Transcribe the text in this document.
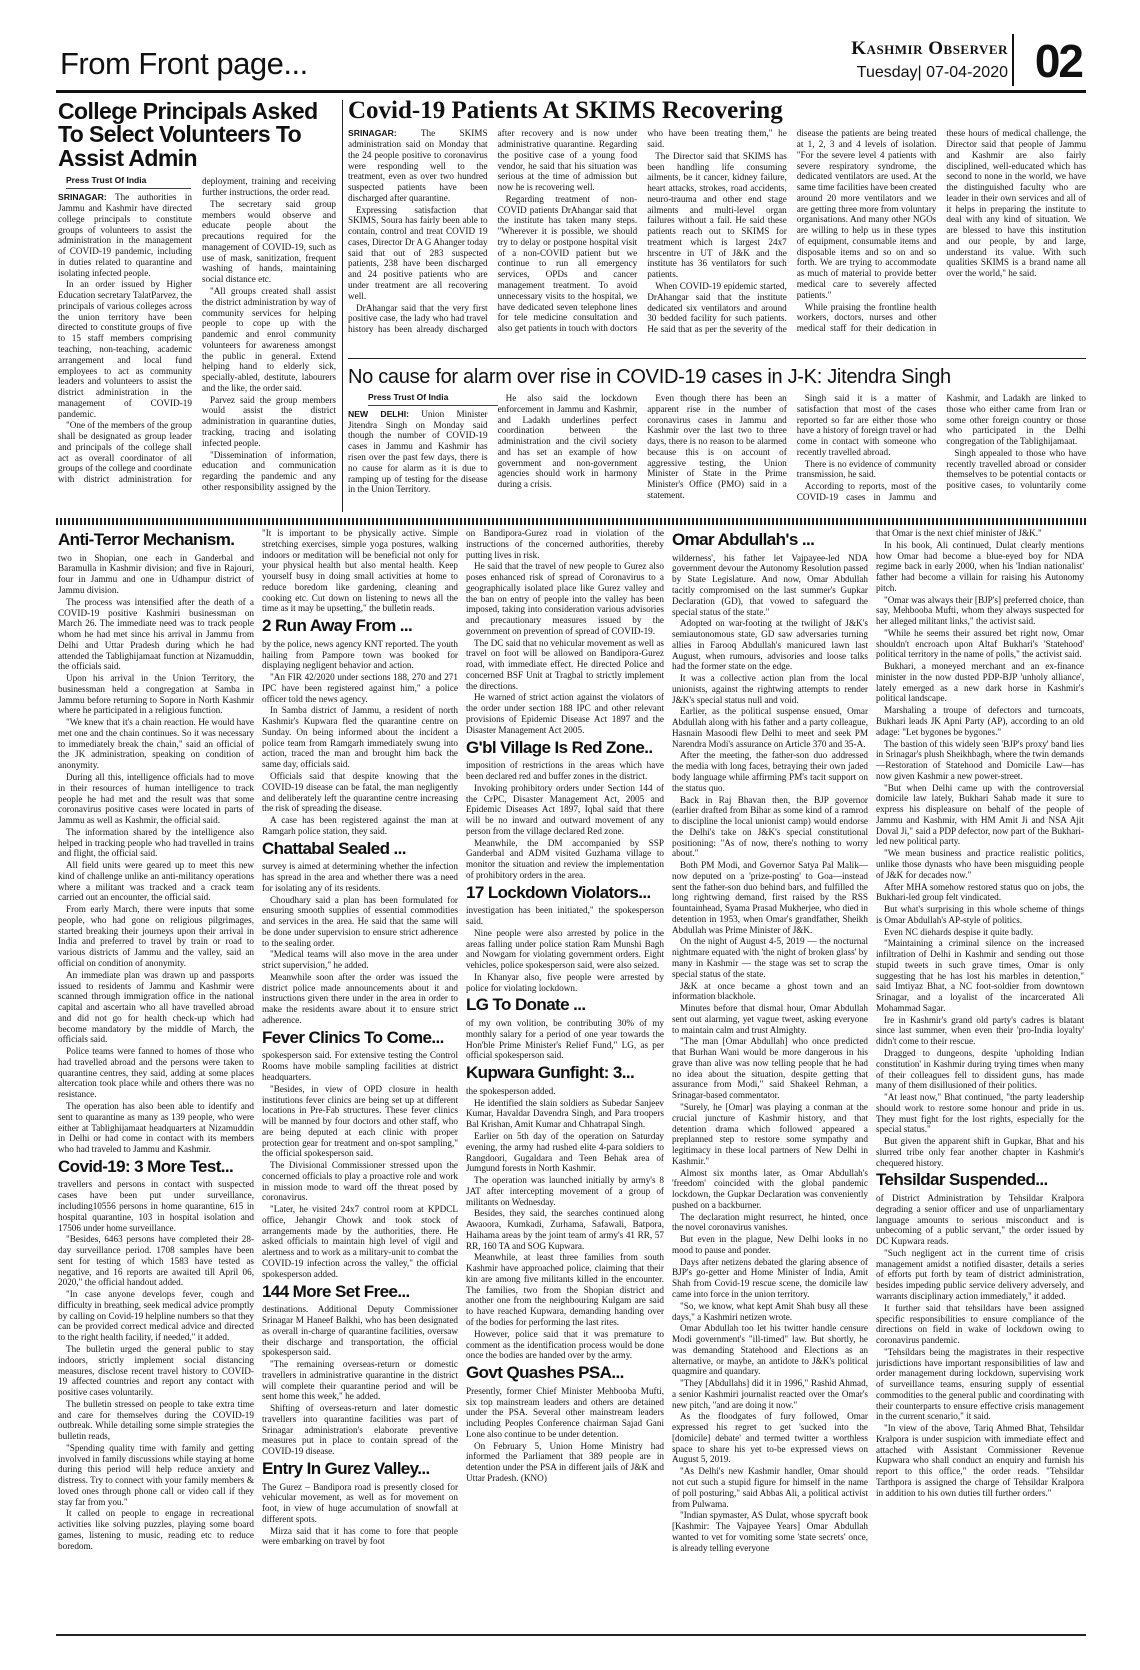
From Front page...	Kashmir Observer
Tuesday| 07-04-2020 02
College Principals Asked To Select Volunteers To Assist Admin
Press Trust Of India

SRINAGAR: The authorities in Jammu and Kashmir have directed college principals to constitute groups of volunteers to assist the administration in the management of COVID-19 pandemic, including in duties related to quarantine and isolating infected people.

In an order issued by Higher Education secretary TalatParvez, the principals of various colleges across the union territory have been directed to constitute groups of five to 15 staff members comprising teaching, non-teaching, academic arrangement and local fund employees to act as community leaders and volunteers to assist the district administration in the management of COVID-19 pandemic.

"One of the members of the group shall be designated as group leader and principals of the college shall act as overall coordinator of all groups of the college and coordinate with district administration for deployment, training and receiving further instructions, the order read.

The secretary said group members would observe and educate people about the precautions required for the management of COVID-19, such as use of mask, sanitization, frequent washing of hands, maintaining social distance etc.

"All groups created shall assist the district administration by way of community services for helping people to cope up with the pandemic and enrol community volunteers for awareness amongst the public in general. Extend helping hand to elderly sick, specially-abled, destitute, labourers and the like, the order said.

Parvez said the group members would assist the district administration in quarantine duties, tracking, tracing and isolating infected people.

"Dissemination of information, education and communication regarding the pandemic and any other responsibility assigned by the

Covid-19 Patients At SKIMS Recovering

SRINAGAR:	The SKIMS administration said on Monday that the 24 people positive to coronavirus were responding well to the treatment, even as over two hundred suspected patients have been discharged after quarantine.

Expressing satisfaction that SKIMS, Soura has fairly been able to contain, control and treat COVID 19 cases, Director Dr A G Ahanger today said that out of 283 suspected patients, 238 have been discharged and 24 positive patients who are under treatment are all recovering well.

DrAhangar said that the very first positive case, the lady who had travel history has been already discharged after recovery and is now under administrative quarantine. Regarding the positive case of a young food vendor, he said that his situation was serious at the time of admission but now he is recovering well.

Regarding treatment of non-COVID patients DrAhangar said that the institute has taken many steps. "Wherever it is possible, we should try to delay or postpone hospital visit of a non-COVID patient but we continue to run all emergency services, OPDs and cancer management treatment. To avoid unnecessary visits to the hospital, we have dedicated seven telephone lines for tele medicine consultation and also get patients in touch with doctors who have been treating them," he said.

The Director said that SKIMS has been handling life consuming ailments, be it cancer, kidney failure, heart attacks, strokes, road accidents, neuro-trauma and other end stage ailments and multi-level organ failures without a fail. He said these patients reach out to SKIMS for treatment which is largest 24x7 hrscentre in UT of J&K and the institute has 36 ventilators for such patients.

When COVID-19 epidemic started, DrAhangar said that the institute dedicated six ventilators and around 30 bedded facility for such patients. He said that as per the severity of the disease the patients are being treated at 1, 2, 3 and 4 levels of isolation. "For the severe level 4 patients with severe respiratory syndrome, the dedicated ventilators are used. At the same time facilities have been created around 20 more ventilators and we are getting three more from voluntary organisations. And many other NGOs are willing to help us in these types of equipment, consumable items and disposable items and so on and so forth. We are trying to accommodate as much of material to provide better medical care to severely affected patients."

While praising the frontline health workers, doctors, nurses and other medical staff for their dedication in these hours of medical challenge, the Director said that people of Jammu and Kashmir are also fairly disciplined, well-educated which has second to none in the world, we have the distinguished faculty who are leader in their own services and all of it helps in preparing the institute to deal with any kind of situation. We are blessed to have this institution and our people, by and large, understand its value. With such qualities SKIMS is a brand name all over the world," he said.

No cause for alarm over rise in COVID-19 cases in J-K: Jitendra Singh
Press Trust Of India

NEW DELHI: Union Minister Jitendra Singh on Monday said though the number of COVID-19 cases in Jammu and Kashmir has risen over the past few days, there is no cause for alarm as it is due to ramping up of testing for the disease in the Union Territory.

He also said the lockdown enforcement in Jammu and Kashmir, and Ladakh underlines perfect coordination between the administration and the civil society and has set an example of how government and non-government agencies should work in harmony during a crisis.

Even though there has been an apparent rise in the number of coronavirus cases in Jammu and Kashmir over the last two to three days, there is no reason to be alarmed because this is on account of aggressive testing, the Union Minister of State in the Prime Minister's Office (PMO) said in a statement.

Singh said it is a matter of satisfaction that most of the cases reported so far are either those who have a history of foreign travel or had come in contact with someone who recently travelled abroad.

There is no evidence of community transmission, he said.

According to reports, most of the COVID-19 cases in Jammu and Kashmir, and Ladakh are linked to those who either came from Iran or some other foreign country or those who participated in the Delhi congregation of the Tablighijamaat.

Singh appealed to those who have recently travelled abroad or consider themselves to be potential contacts or positive cases, to voluntarily come

Anti-Terror Mechanism.

two in Shopian, one each in Ganderbal and Baramulla in Kashmir division; and five in Rajouri, four in Jammu and one in Udhampur district of Jammu division.

The process was intensified after the death of a COVID-19 positive Kashmiri businessman on March 26. The immediate need was to track people whom he had met since his arrival in Jammu from Delhi and Uttar Pradesh during which he had attended the Tablighijamaat function at Nizamuddin, the officials said.

Upon his arrival in the Union Territory, the businessman held a congregation at Samba in Jammu before returning to Sopore in North Kashmir where he participated in a religious function.

"We knew that it's a chain reaction. He would have met one and the chain continues. So it was necessary to immediately break the chain," said an official of the JK administration, speaking on condition of anonymity.

During all this, intelligence officials had to move in their resources of human intelligence to track people he had met and the result was that some coronavirus positive cases were located in parts of Jammu as well as Kashmir, the official said.

The information shared by the intelligence also helped in tracking people who had travelled in trains and flight, the official said.

All field units were geared up to meet this new kind of challenge unlike an anti-militancy operations where a militant was tracked and a crack team carried out an encounter, the official said.

From early March, there were inputs that some people, who had gone on religious pilgrimages, started breaking their journeys upon their arrival in India and preferred to travel by train or road to various districts of Jammu and the valley, said an official on condition of anonymity.

An immediate plan was drawn up and passports issued to residents of Jammu and Kashmir were scanned through immigration office in the national capital and ascertain who all have travelled abroad and did not go for health check-up which had become mandatory by the middle of March, the officials said.

Police teams were fanned to homes of those who had travelled abroad and the persons were taken to quarantine centres, they said, adding at some places altercation took place while and others there was no resistance.

The operation has also been able to identify and sent to quarantine as many as 139 people, who were either at Tablighijamaat headquarters at Nizamuddin in Delhi or had come in contact with its members who had traveled to Jammu and Kashmir.

Covid-19: 3 More Test...

travellers and persons in contact with suspected cases have been put under surveillance, including10556 persons in home quarantine, 615 in hospital quarantine, 103 in hospital isolation and 17506 under home surveillance.

"Besides, 6463 persons have completed their 28-day surveillance period. 1708 samples have been sent for testing of which 1583 have tested as negative, and 16 reports are awaited till April 06, 2020," the official handout added.

"In case anyone develops fever, cough and difficulty in breathing, seek medical advice promptly by calling on Covid-19 helpline numbers so that they can be provided correct medical advice and directed to the right health facility, if needed," it added.

The bulletin urged the general public to stay indoors, strictly implement social distancing measures, disclose recent travel history to COVID-19 affected countries and report any contact with positive cases voluntarily.

The bulletin stressed on people to take extra time and care for themselves during the COVID-19 outbreak. While detailing some simple strategies the bulletin reads,

"Spending quality time with family and getting involved in family discussions while staying at home during this period will help reduce anxiety and distress. Try to connect with your family members & loved ones through phone call or video call if they stay far from you."

It called on people to engage in recreational activities like solving puzzles, playing some board games, listening to music, reading etc to reduce boredom.

"It is important to be physically active. Simple stretching exercises, simple yoga postures, walking indoors or meditation will be beneficial not only for your physical health but also mental health. Keep yourself busy in doing small activities at home to reduce boredom like gardening, cleaning and cooking etc. Cut down on listening to news all the time as it may be upsetting," the bulletin reads.

2 Run Away From ...

by the police, news agency KNT reported. The youth hailing from Pampore town was booked for displaying negligent behavior and action.

"An FIR 42/2020 under sections 188, 270 and 271 IPC have been registered against him," a police officer told the news agency.

In Samba district of Jammu, a resident of north Kashmir's Kupwara fled the quarantine centre on Sunday. On being informed about the incident a police team from Ramgarh immediately swung into action, traced the man and brought him back the same day, officials said.

Officials said that despite knowing that the COVID-19 disease can be fatal, the man negligently and deliberately left the quarantine centre increasing the risk of spreading the disease.

A case has been registered against the man at Ramgarh police station, they said.

Chattabal Sealed ...

survey is aimed at determining whether the infection has spread in the area and whether there was a need for isolating any of its residents.

Choudhary said a plan has been formulated for ensuring smooth supplies of essential commodities and services in the area. He said that the same will be done under supervision to ensure strict adherence to the sealing order.

"Medical teams will also move in the area under strict supervision," he added.

Meanwhile soon after the order was issued the district police made announcements about it and instructions given there under in the area in order to make the residents aware about it to ensure strict adherence.

Fever Clinics To Come...

spokesperson said. For extensive testing the Control Rooms have mobile sampling facilities at district headquarters.

"Besides, in view of OPD closure in health institutions fever clinics are being set up at different locations in Pre-Fab structures. These fever clinics will be manned by four doctors and other staff, who are being deputed at each clinic with proper protection gear for treatment and on-spot sampling," the official spokesperson said.

The Divisional Commissioner stressed upon the concerned officials to play a proactive role and work in mission mode to ward off the threat posed by coronavirus.

"Later, he visited 24x7 control room at KPDCL office, Jehangir Chowk and took stock of arrangements made by the authorities, there. He asked officials to maintain high level of vigil and alertness and to work as a military-unit to combat the COVID-19 infection across the valley," the official spokesperson added.

144 More Set Free...

destinations. Additional Deputy Commissioner Srinagar M Haneef Balkhi, who has been designated as overall in-charge of quarantine facilities, oversaw their discharge and transportation, the official spokesperson said.

"The remaining overseas-return or domestic travellers in administrative quarantine in the district will complete their quarantine period and will be sent home this week," he added.

Shifting of overseas-return and later domestic travellers into quarantine facilities was part of Srinagar administration's elaborate preventive measures put in place to contain spread of the COVID-19 disease.

Entry In Gurez Valley...

The Gurez – Bandipora road is presently closed for vehicular movement, as well as for movement on foot, in view of huge accumulation of snowfall at different spots.

Mirza said that it has come to fore that people were embarking on travel by foot

on Bandipora-Gurez road in violation of the instructions of the concerned authorities, thereby putting lives in risk.

He said that the travel of new people to Gurez also poses enhanced risk of spread of Coronavirus to a geographically isolated place like Gurez valley and the ban on entry of people into the valley has been imposed, taking into consideration various advisories and precautionary measures issued by the government on prevention of spread of COVID-19.

The DC said that no vehicular movement as well as travel on foot will be allowed on Bandipora-Gurez road, with immediate effect. He directed Police and concerned BSF Unit at Tragbal to strictly implement the directions.

He warned of strict action against the violators of the order under section 188 IPC and other relevant provisions of Epidemic Disease Act 1897 and the Disaster Management Act 2005.

G'bl Village Is Red Zone..

imposition of restrictions in the areas which have been declared red and buffer zones in the district.

Invoking prohibitory orders under Section 144 of the CrPC, Disaster Management Act, 2005 and Epidemic Diseases Act 1897, Iqbal said that there will be no inward and outward movement of any person from the village declared Red zone.

Meanwhile, the DM accompanied by SSP Ganderbal and ADM visited Guzhama village to monitor the situation and review the implementation of prohibitory orders in the area.

17 Lockdown Violators...

investigation has been initiated," the spokesperson said.

Nine people were also arrested by police in the areas falling under police station Ram Munshi Bagh and Nowgam for violating government orders. Eight vehicles, police spokesperson said, were also seized.

In Khanyar also, five people were arrested by police for violating lockdown.

LG To Donate ...

of my own volition, be contributing 30% of my monthly salary for a period of one year towards the Hon'ble Prime Minister's Relief Fund," LG, as per official spokesperson said.

Kupwara Gunfight: 3...

the spokesperson added.

He identified the slain soldiers as Subedar Sanjeev Kumar, Havaldar Davendra Singh, and Para troopers Bal Krishan, Amit Kumar and Chhatrapal Singh.

Earlier on 5th day of the operation on Saturday evening, the army had rushed elite 4-para soldiers to Rangdoori, Gugaldara and Teen Behak area of Jumgund forests in North Kashmir.

The operation was launched initially by army's 8 JAT after intercepting movement of a group of militants on Wednesday.

Besides, they said, the searches continued along Awaoora, Kumkadi, Zurhama, Safawali, Batpora, Haihama areas by the joint team of army's 41 RR, 57 RR, 160 TA and SOG Kupwara.

Meanwhile, at least three families from south Kashmir have approached police, claiming that their kin are among five militants killed in the encounter. The families, two from the Shopian district and another one from the neighbouring Kulgam are said to have reached Kupwara, demanding handing over of the bodies for performing the last rites.

However, police said that it was premature to comment as the identification process would be done once the bodies are handed over by the army.

Govt Quashes PSA...

Presently, former Chief Minister Mehbooba Mufti, six top mainstream leaders and others are detained under the PSA. Several other mainstream leaders including Peoples Conference chairman Sajad Gani Lone also continue to be under detention.

On February 5, Union Home Ministry had informed the Parliament that 389 people are in detention under the PSA in different jails of J&K and Uttar Pradesh. (KNO)

Omar Abdullah's ...

wilderness', his father let Vajpayee-led NDA government devour the Autonomy Resolution passed by State Legislature. And now, Omar Abdullah tacitly compromised on the last summer's Gupkar Declaration (GD), that vowed to safeguard the special status of the state."

Adopted on war-footing at the twilight of J&K's semiautonomous state, GD saw adversaries turning allies in Farooq Abdullah's manicured lawn last August, when rumours, advisories and loose talks had the former state on the edge.

It was a collective action plan from the local unionists, against the rightwing attempts to render J&K's special status null and void.

Earlier, as the political suspense ensued, Omar Abdullah along with his father and a party colleague, Hasnain Masoodi flew Delhi to meet and seek PM Narendra Modi's assurance on Article 370 and 35-A.

After the meeting, the father-son duo addressed the media with long faces, betraying their own jaded body language while affirming PM's tacit support on the status quo.

Back in Raj Bhavan then, the BJP governor (earlier drafted from Bihar as some kind of a ramrod to discipline the local unionist camp) would endorse the Delhi's take on J&K's special constitutional positioning: "As of now, there's nothing to worry about."

Both PM Modi, and Governor Satya Pal Malik—now deputed on a 'prize-posting' to Goa—instead sent the father-son duo behind bars, and fulfilled the long rightwing demand, first raised by the RSS fountainhead, Syama Prasad Mukherjee, who died in detention in 1953, when Omar's grandfather, Sheikh Abdullah was Prime Minister of J&K.

On the night of August 4-5, 2019 — the nocturnal nightmare equated with 'the night of broken glass' by many in Kashmir — the stage was set to scrap the special status of the state.

J&K at once became a ghost town and an information blackhole.

Minutes before that dismal hour, Omar Abdullah sent out alarming, yet vague tweet, asking everyone to maintain calm and trust Almighty.

"The man [Omar Abdullah] who once predicted that Burhan Wani would be more dangerous in his grave than alive was now telling people that he had no idea about the situation, despite getting that assurance from Modi," said Shakeel Rehman, a Srinagar-based commentator.

"Surely, he [Omar] was playing a conman at the crucial juncture of Kashmir history, and that detention drama which followed appeared a preplanned step to restore some sympathy and legitimacy in these local partners of New Delhi in Kashmir."

Almost six months later, as Omar Abdullah's 'freedom' coincided with the global pandemic lockdown, the Gupkar Declaration was conveniently pushed on a backburner.

The declaration might resurrect, he hinted, once the novel coronavirus vanishes.

But even in the plague, New Delhi looks in no mood to pause and ponder.

Days after netizens debated the glaring absence of BJP's go-getter and Home Minister of India, Amit Shah from Covid-19 rescue scene, the domicile law came into force in the union territory.

"So, we know, what kept Amit Shah busy all these days," a Kashmiri netizen wrote.

Omar Abdullah too let his twitter handle censure Modi government's "ill-timed" law. But shortly, he was demanding Statehood and Elections as an alternative, or maybe, an antidote to J&K's political quagmire and quandary.

"They [Abdullahs] did it in 1996," Rashid Ahmad, a senior Kashmiri journalist reacted over the Omar's new pitch, "and are doing it now."

As the floodgates of fury followed, Omar expressed his regret to get 'sucked into the [domicile] debate' and termed twitter a worthless space to share his yet to-be expressed views on August 5, 2019.

"As Delhi's new Kashmir handler, Omar should not cut such a stupid figure for himself in the name of poll posturing," said Abbas Ali, a political activist from Pulwama.

"Indian spymaster, AS Dulat, whose spycraft book [Kashmir: The Vajpayee Years] Omar Abdullah wanted to vet for vomiting some 'state secrets' once, is already telling everyone

that Omar is the next chief minister of J&K."

In his book, Ali continued, Dulat clearly mentions how Omar had become a blue-eyed boy for NDA regime back in early 2000, when his 'Indian nationalist' father had become a villain for raising his Autonomy pitch.

"Omar was always their [BJP's] preferred choice, than say, Mehbooba Mufti, whom they always suspected for her alleged militant links," the activist said.

"While he seems their assured bet right now, Omar shouldn't encroach upon Altaf Bukhari's 'Statehood' political territory in the name of polls," the activist said.

Bukhari, a moneyed merchant and an ex-finance minister in the now dusted PDP-BJP 'unholy alliance', lately emerged as a new dark horse in Kashmir's political landscape.

Marshaling a troupe of defectors and turncoats, Bukhari leads JK Apni Party (AP), according to an old adage: "Let bygones be bygones."

The bastion of this widely seen 'BJP's proxy' band lies in Srinagar's plush Sheikhbagh, where the twin demands—Restoration of Statehood and Domicile Law—has now given Kashmir a new power-street.

"But when Delhi came up with the controversial domicile law lately, Bukhari Sahab made it sure to express his displeasure on behalf of the people of Jammu and Kashmir, with HM Amit Ji and NSA Ajit Doval Ji," said a PDP defector, now part of the Bukhari-led new political party.

"We mean business and practice realistic politics, unlike those dynasts who have been misguiding people of J&K for decades now."

After MHA somehow restored status quo on jobs, the Bukhari-led group felt vindicated.

But what's surprising in this whole scheme of things is Omar Abdullah's AP-style of politics.

Even NC diehards despise it quite badly.

"Maintaining a criminal silence on the increased infiltration of Delhi in Kashmir and sending out those stupid tweets in such grave times, Omar is only suggesting that he has lost his marbles in detention," said Imtiyaz Bhat, a NC foot-soldier from downtown Srinagar, and a loyalist of the incarcerated Ali Mohammad Sagar.

Ire in Kashmir's grand old party's cadres is blatant since last summer, when even their 'pro-India loyalty' didn't come to their rescue.

Dragged to dungeons, despite 'upholding Indian constitution' in Kashmir during trying times when many of their colleagues fell to dissident guns, has made many of them disillusioned of their politics.

"At least now," Bhat continued, "the party leadership should work to restore some honour and pride in us. They must fight for the lost rights, especially for the special status."

But given the apparent shift in Gupkar, Bhat and his slurred tribe only fear another chapter in Kashmir's chequered history.

Tehsildar Suspended...

of District Administration by Tehsildar Kralpora degrading a senior officer and use of unparliamentary language amounts to serious misconduct and is unbecoming of a public servant," the order issued by DC Kupwara reads.

"Such negligent act in the current time of crisis management amidst a notified disaster, details a series of efforts put forth by team of district administration, besides impeding public service delivery adversely, and warrants disciplinary action immediately," it added.

It further said that tehsildars have been assigned specific responsibilities to ensure compliance of the directions on field in wake of lockdown owing to coronavirus pandemic.

"Tehsildars being the magistrates in their respective jurisdictions have important responsibilities of law and order management during lockdown, supervising work of surveillance teams, ensuring supply of essential commodities to the general public and coordinating with their counterparts to ensure effective crisis management in the current scenario," it said.

"In view of the above, Tariq Ahmed Bhat, Tehsildar Kralpora is under suspicion with immediate effect and attached with Assistant Commissioner Revenue Kupwara who shall conduct an enquiry and furnish his report to this office," the order reads. "Tehsildar Tarthpora is assigned the charge of Tehsildar Kralpora in addition to his own duties till further orders."
